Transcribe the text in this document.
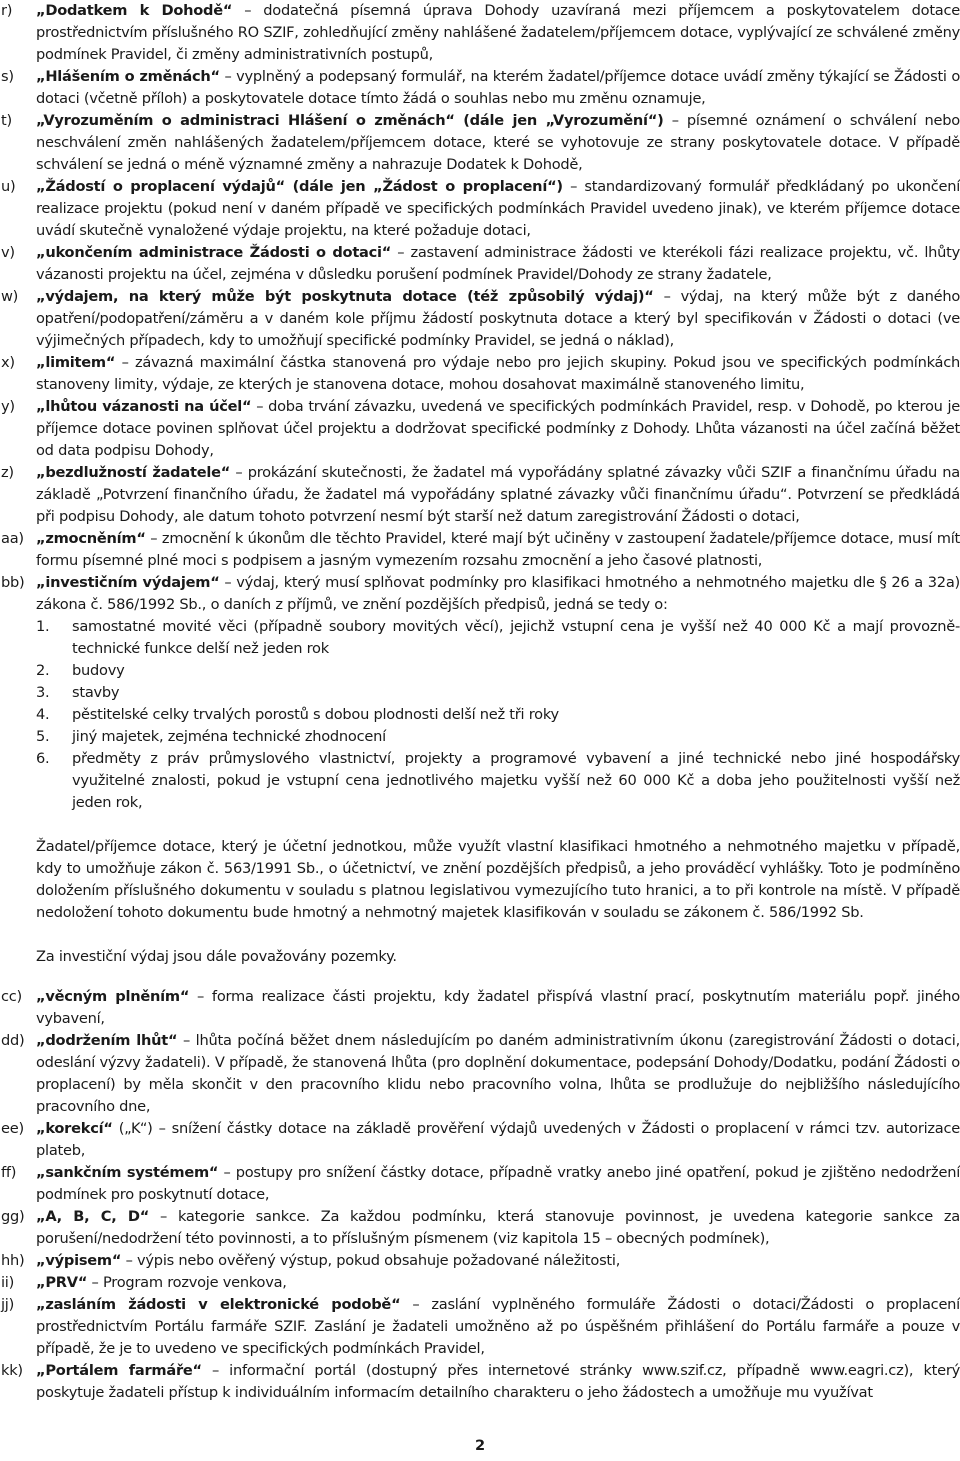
r) „Dodatkem k Dohodě“ – dodatečná písemná úprava Dohody uzavíraná mezi příjemcem a poskytovatelem dotace prostřednictvím příslušného RO SZIF, zohledňující změny nahlášené žadatelem/příjemcem dotace, vyplývající ze schválené změny podmínek Pravidel, či změny administrativních postupů,

s) „Hlášením o změnách“ – vyplněný a podepsaný formulář, na kterém žadatel/příjemce dotace uvádí změny týkající se Žádosti o dotaci (včetně příloh) a poskytovatele dotace tímto žádá o souhlas nebo mu změnu oznamuje,

t) „Vyrozuměním o administraci Hlášení o změnách“ (dále jen „Vyrozumění“) – písemné oznámení o schválení nebo neschválení změn nahlášených žadatelem/příjemcem dotace, které se vyhotovuje ze strany poskytovatele dotace. V případě schválení se jedná o méně významné změny a nahrazuje Dodatek k Dohodě,

u) „Žádostí o proplacení výdajů“ (dále jen „Žádost o proplacení“) – standardizovaný formulář předkládaný po ukončení realizace projektu (pokud není v daném případě ve specifických podmínkách Pravidel uvedeno jinak), ve kterém příjemce dotace uvádí skutečně vynaložené výdaje projektu, na které požaduje dotaci,

v) „ukončením administrace Žádosti o dotaci“ – zastavení administrace žádosti ve kterékoli fázi realizace projektu, vč. lhůty vázanosti projektu na účel, zejména v důsledku porušení podmínek Pravidel/Dohody ze strany žadatele,

w) „výdajem, na který může být poskytnuta dotace (též způsobilý výdaj)“ – výdaj, na který může být z daného opatření/podopatření/záměru a v daném kole příjmu žádostí poskytnuta dotace a který byl specifikován v Žádosti o dotaci (ve výjimečných případech, kdy to umožňují specifické podmínky Pravidel, se jedná o náklad),

x) „limitem“ – závazná maximální částka stanovená pro výdaje nebo pro jejich skupiny. Pokud jsou ve specifických podmínkách stanoveny limity, výdaje, ze kterých je stanovena dotace, mohou dosahovat maximálně stanoveného limitu,

y) „lhůtou vázanosti na účel“ – doba trvání závazku, uvedená ve specifických podmínkách Pravidel, resp. v Dohodě, po kterou je příjemce dotace povinen splňovat účel projektu a dodržovat specifické podmínky z Dohody. Lhůta vázanosti na účel začíná běžet od data podpisu Dohody,

z) „bezdlužností žadatele“ – prokázání skutečnosti, že žadatel má vypořádány splatné závazky vůči SZIF a finančnímu úřadu na základě „Potvrzení finančního úřadu, že žadatel má vypořádány splatné závazky vůči finančnímu úřadu“. Potvrzení se předkládá při podpisu Dohody, ale datum tohoto potvrzení nesmí být starší než datum zaregistrování Žádosti o dotaci,

aa) „zmocněním“ – zmocnění k úkonům dle těchto Pravidel, které mají být učiněny v zastoupení žadatele/příjemce dotace, musí mít formu písemné plné moci s podpisem a jasným vymezením rozsahu zmocnění a jeho časové platnosti,

bb) „investičním výdajem“ – výdaj, který musí splňovat podmínky pro klasifikaci hmotného a nehmotného majetku dle § 26 a 32a) zákona č. 586/1992 Sb., o daních z příjmů, ve znění pozdějších předpisů, jedná se tedy o:

1. samostatné movité věci (případně soubory movitých věcí), jejichž vstupní cena je vyšší než 40 000 Kč a mají provozně-technické funkce delší než jeden rok
2. budovy
3. stavby
4. pěstitelské celky trvalých porostů s dobou plodnosti delší než tři roky
5. jiný majetek, zejména technické zhodnocení
6. předměty z práv průmyslového vlastnictví, projekty a programové vybavení a jiné technické nebo jiné hospodářsky využitelné znalosti, pokud je vstupní cena jednotlivého majetku vyšší než 60 000 Kč a doba jeho použitelnosti vyšší než jeden rok,

Žadatel/příjemce dotace, který je účetní jednotkou, může využít vlastní klasifikaci hmotného a nehmotného majetku v případě, kdy to umožňuje zákon č. 563/1991 Sb., o účetnictví, ve znění pozdějších předpisů, a jeho prováděcí vyhlášky. Toto je podmíněno doložením příslušného dokumentu v souladu s platnou legislativou vymezujícího tuto hranici, a to při kontrole na místě. V případě nedoložení tohoto dokumentu bude hmotný a nehmotný majetek klasifikován v souladu se zákonem č. 586/1992 Sb.

Za investiční výdaj jsou dále považovány pozemky.

cc) „věcným plněním“ – forma realizace části projektu, kdy žadatel přispívá vlastní prací, poskytnutím materiálu popř. jiného vybavení,

dd) „dodržením lhůt“ – lhůta počíná běžet dnem následujícím po daném administrativním úkonu (zaregistrování Žádosti o dotaci, odeslání výzvy žadateli). V případě, že stanovená lhůta (pro doplnění dokumentace, podepsání Dohody/Dodatku, podání Žádosti o proplacení) by měla skončit v den pracovního klidu nebo pracovního volna, lhůta se prodlužuje do nejbližšího následujícího pracovního dne,

ee) „korekcí“ („K“) – snížení částky dotace na základě prověření výdajů uvedených v Žádosti o proplacení v rámci tzv. autorizace plateb,

ff) „sankčním systémem“ – postupy pro snížení částky dotace, případně vratky anebo jiné opatření, pokud je zjištěno nedodržení podmínek pro poskytnutí dotace,

gg) „A, B, C, D“ – kategorie sankce. Za každou podmínku, která stanovuje povinnost, je uvedena kategorie sankce za porušení/nedodržení této povinnosti, a to příslušným písmenem (viz kapitola 15 – obecných podmínek),

hh) „výpisem“ – výpis nebo ověřený výstup, pokud obsahuje požadované náležitosti,

ii) „PRV“ – Program rozvoje venkova,

jj) „zasláním žádosti v elektronické podobě“ – zaslání vyplněného formuláře Žádosti o dotaci/Žádosti o proplacení prostřednictvím Portálu farmáře SZIF. Zaslání je žadateli umožněno až po úspěšném přihlášení do Portálu farmáře a pouze v případě, že je to uvedeno ve specifických podmínkách Pravidel,

kk) „Portálem farmáře“ – informační portál (dostupný přes internetové stránky www.szif.cz, případně www.eagri.cz), který poskytuje žadateli přístup k individuálním informacím detailního charakteru o jeho žádostech a umožňuje mu využívat

2
